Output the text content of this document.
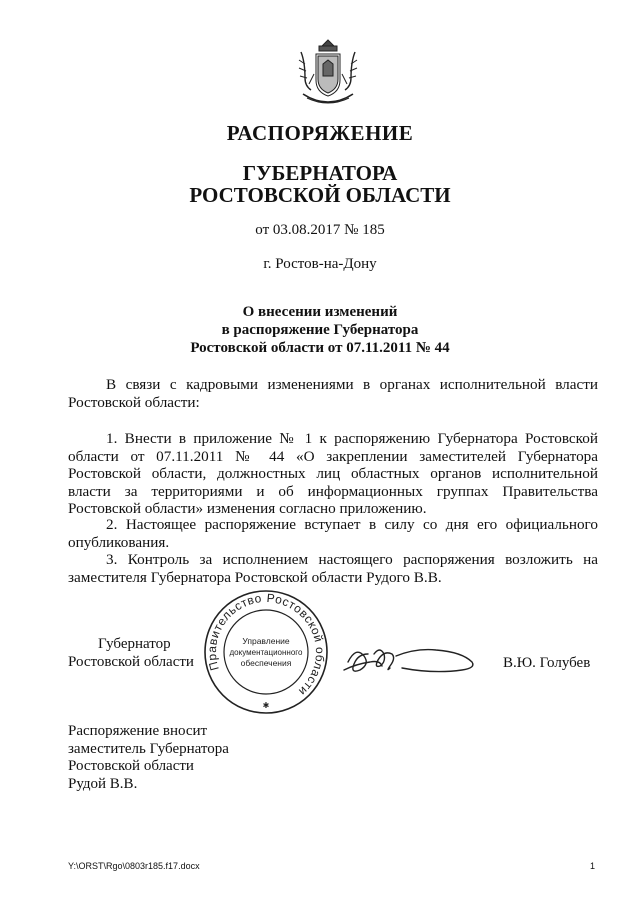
РАСПОРЯЖЕНИЕ
ГУБЕРНАТОРА
РОСТОВСКОЙ ОБЛАСТИ
от 03.08.2017 № 185
г. Ростов-на-Дону
О внесении изменений
в распоряжение Губернатора
Ростовской области от 07.11.2011 № 44

В связи с кадровыми изменениями в органах исполнительной власти Ростовской области:

1. Внести в приложение № 1 к распоряжению Губернатора Ростовской области от 07.11.2011 № 44 «О закреплении заместителей Губернатора Ростовской области, должностных лиц областных органов исполнительной власти за территориями и об информационных группах Правительства Ростовской области» изменения согласно приложению.

2. Настоящее распоряжение вступает в силу со дня его официального опубликования.

3. Контроль за исполнением настоящего распоряжения возложить на заместителя Губернатора Ростовской области Рудого В.В.

Губернатор
Ростовской области Правительство Ростовской области
Управление
документационного
обеспечения
✱
В.Ю. Голубев
Распоряжение вносит
заместитель Губернатора
Ростовской области
Рудой В.В.
Y:\ORST\Rgo\0803r185.f17.docx	1
